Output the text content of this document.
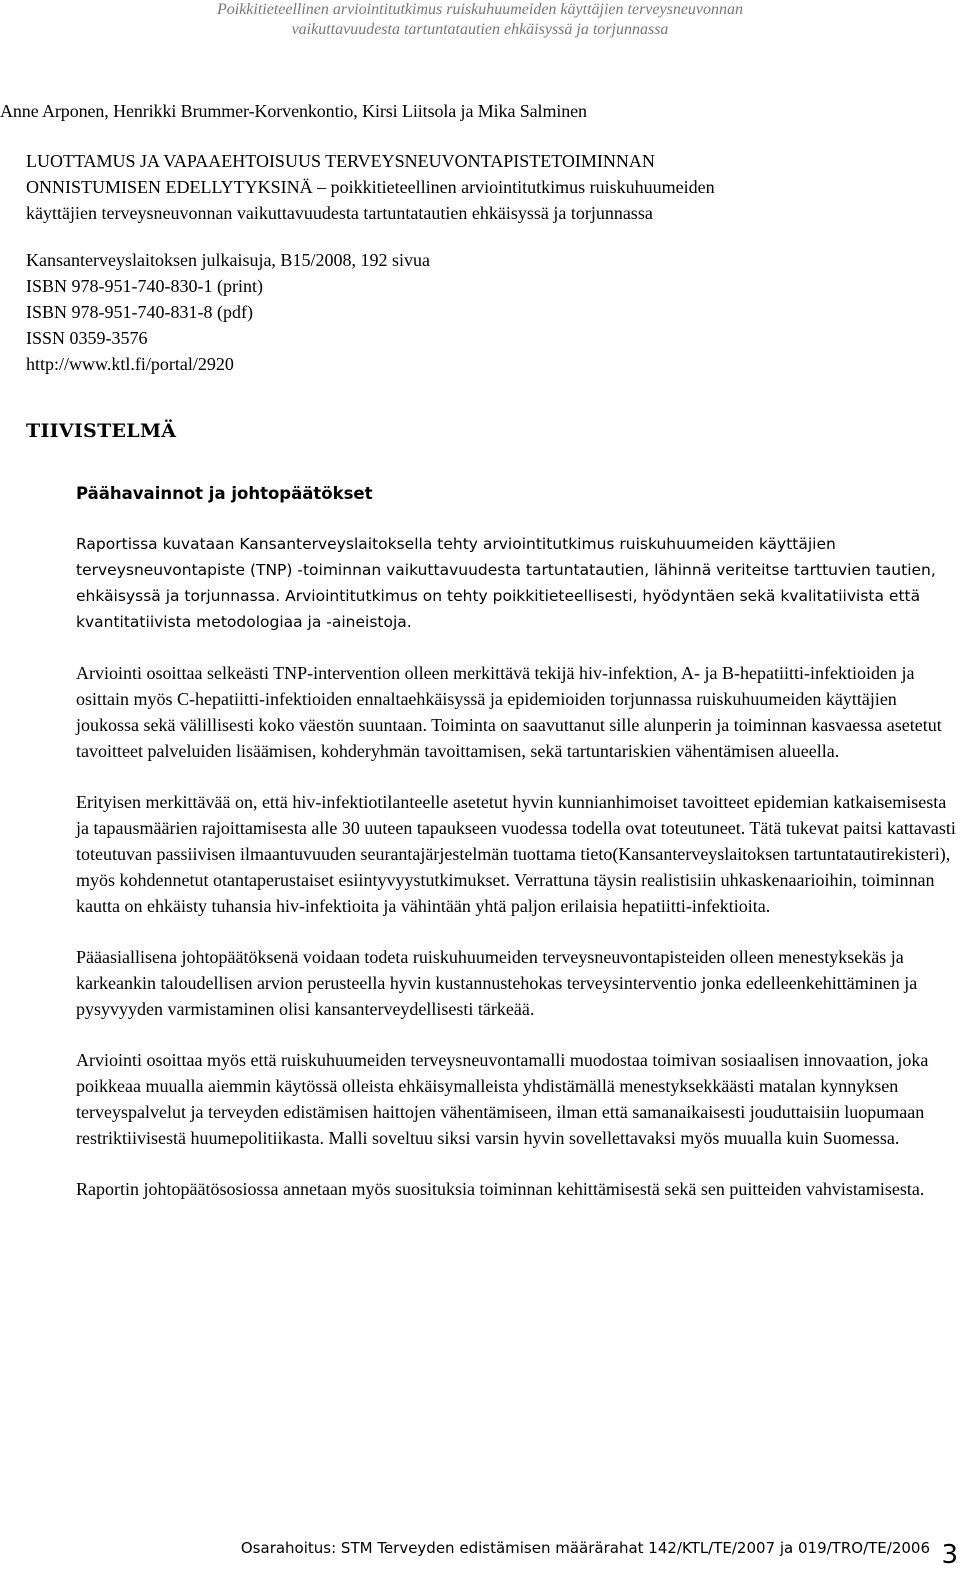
Poikkitieteellinen arviointitutkimus ruiskuhuumeiden käyttäjien terveysneuvonnan
vaikuttavuudesta tartuntatautien ehkäisyssä ja torjunnassa

Anne Arponen, Henrikki Brummer-Korvenkontio, Kirsi Liitsola ja Mika Salminen

LUOTTAMUS JA VAPAAEHTOISUUS TERVEYSNEUVONTAPISTETOIMINNAN
ONNISTUMISEN EDELLYTYKSINÄ – poikkitieteellinen arviointitutkimus ruiskuhuumeiden
käyttäjien terveysneuvonnan vaikuttavuudesta tartuntatautien ehkäisyssä ja torjunnassa
Kansanterveyslaitoksen julkaisuja, B15/2008, 192 sivua
ISBN 978-951-740-830-1 (print)
ISBN 978-951-740-831-8 (pdf)
ISSN 0359-3576
http://www.ktl.fi/portal/2920
TIIVISTELMÄ
Päähavainnot ja johtopäätökset

Raportissa kuvataan Kansanterveyslaitoksella tehty arviointitutkimus ruiskuhuumeiden käyttäjien terveysneuvontapiste (TNP) -toiminnan vaikuttavuudesta tartuntatautien, lähinnä veriteitse tarttuvien tautien, ehkäisyssä ja torjunnassa. Arviointitutkimus on tehty poikkitieteellisesti, hyödyntäen sekä kvalitatiivista että kvantitatiivista metodologiaa ja -aineistoja.

Arviointi osoittaa selkeästi TNP-intervention olleen merkittävä tekijä hiv-infektion, A- ja B-hepatiitti-infektioiden ja osittain myös C-hepatiitti-infektioiden ennaltaehkäisyssä ja epidemioiden torjunnassa ruiskuhuumeiden käyttäjien joukossa sekä välillisesti koko väestön suuntaan. Toiminta on saavuttanut sille alunperin ja toiminnan kasvaessa asetetut tavoitteet palveluiden lisäämisen, kohderyhmän tavoittamisen, sekä tartuntariskien vähentämisen alueella.

Erityisen merkittävää on, että hiv-infektiotilanteelle asetetut hyvin kunnianhimoiset tavoitteet epidemian katkaisemisesta ja tapausmäärien rajoittamisesta alle 30 uuteen tapaukseen vuodessa todella ovat toteutuneet. Tätä tukevat paitsi kattavasti toteutuvan passiivisen ilmaantuvuuden seurantajärjestelmän tuottama tieto(Kansanterveyslaitoksen tartuntatautirekisteri), myös kohdennetut otantaperustaiset esiintyvyystutkimukset. Verrattuna täysin realistisiin uhkaskenaarioihin, toiminnan kautta on ehkäisty tuhansia hiv-infektioita ja vähintään yhtä paljon erilaisia hepatiitti-infektioita.

Pääasiallisena johtopäätöksenä voidaan todeta ruiskuhuumeiden terveysneuvontapisteiden olleen menestyksekäs ja karkeankin taloudellisen arvion perusteella hyvin kustannustehokas terveysinterventio jonka edelleenkehittäminen ja pysyvyyden varmistaminen olisi kansanterveydellisesti tärkeää.

Arviointi osoittaa myös että ruiskuhuumeiden terveysneuvontamalli muodostaa toimivan sosiaalisen innovaation, joka poikkeaa muualla aiemmin käytössä olleista ehkäisymalleista yhdistämällä menestyksekkäästi matalan kynnyksen terveyspalvelut ja terveyden edistämisen haittojen vähentämiseen, ilman että samanaikaisesti jouduttaisiin luopumaan restriktiivisestä huumepolitiikasta. Malli soveltuu siksi varsin hyvin sovellettavaksi myös muualla kuin Suomessa.

Raportin johtopäätösosiossa annetaan myös suosituksia toiminnan kehittämisestä sekä sen puitteiden vahvistamisesta.

Osarahoitus: STM Terveyden edistämisen määrärahat 142/KTL/TE/2007 ja 019/TRO/TE/2006 3
